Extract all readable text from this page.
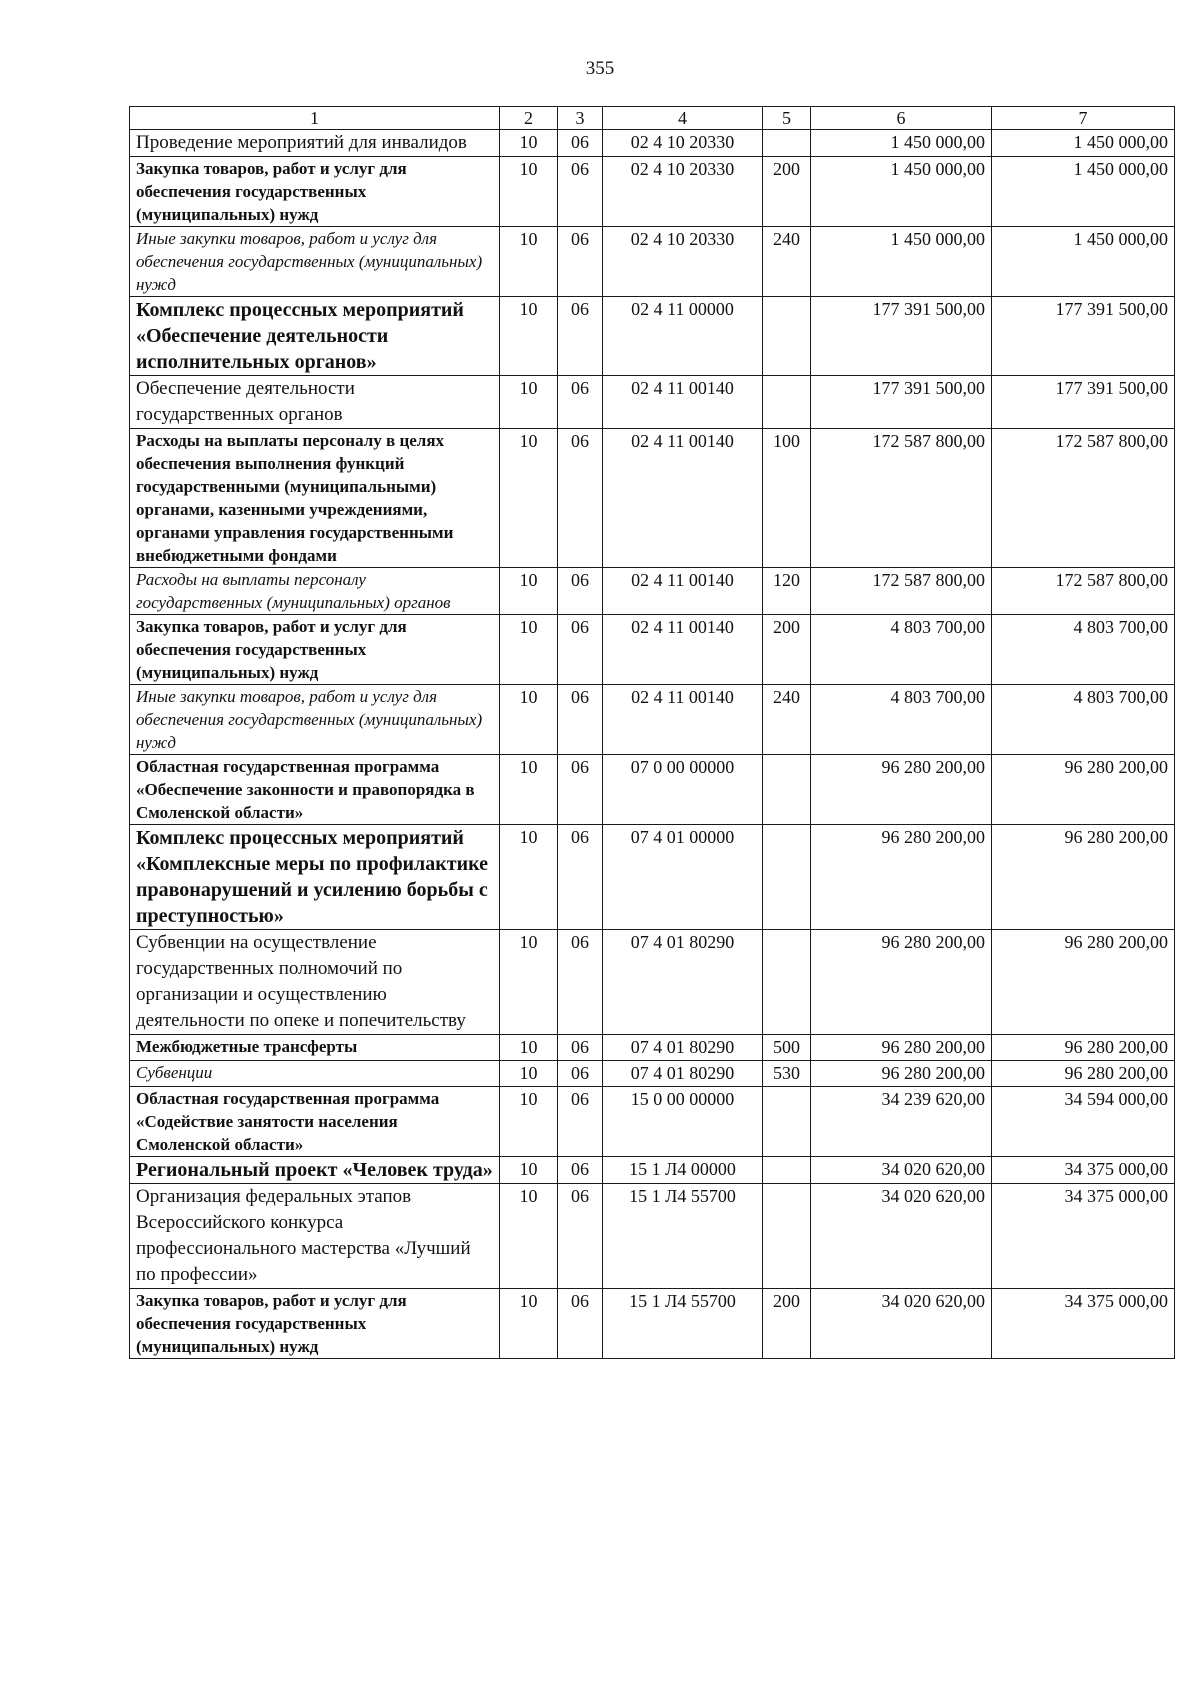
355
1	2	3	4	5	6	7
Проведение мероприятий для инвалидов	10	06	02 4 10 20330		1 450 000,00	1 450 000,00
Закупка товаров, работ и услуг для обеспечения государственных (муниципальных) нужд	10	06	02 4 10 20330	200	1 450 000,00	1 450 000,00
Иные закупки товаров, работ и услуг для обеспечения государственных (муниципальных) нужд	10	06	02 4 10 20330	240	1 450 000,00	1 450 000,00
Комплекс процессных мероприятий «Обеспечение деятельности исполнительных органов»	10	06	02 4 11 00000		177 391 500,00	177 391 500,00
Обеспечение деятельности государственных органов	10	06	02 4 11 00140		177 391 500,00	177 391 500,00
Расходы на выплаты персоналу в целях обеспечения выполнения функций государственными (муниципальными) органами, казенными учреждениями, органами управления государственными внебюджетными фондами	10	06	02 4 11 00140	100	172 587 800,00	172 587 800,00
Расходы на выплаты персоналу государственных (муниципальных) органов	10	06	02 4 11 00140	120	172 587 800,00	172 587 800,00
Закупка товаров, работ и услуг для обеспечения государственных (муниципальных) нужд	10	06	02 4 11 00140	200	4 803 700,00	4 803 700,00
Иные закупки товаров, работ и услуг для обеспечения государственных (муниципальных) нужд	10	06	02 4 11 00140	240	4 803 700,00	4 803 700,00
Областная государственная программа «Обеспечение законности и правопорядка в Смоленской области»	10	06	07 0 00 00000		96 280 200,00	96 280 200,00
Комплекс процессных мероприятий «Комплексные меры по профилактике правонарушений и усилению борьбы с преступностью»	10	06	07 4 01 00000		96 280 200,00	96 280 200,00
Субвенции на осуществление государственных полномочий по организации и осуществлению деятельности по опеке и попечительству	10	06	07 4 01 80290		96 280 200,00	96 280 200,00
Межбюджетные трансферты	10	06	07 4 01 80290	500	96 280 200,00	96 280 200,00
Субвенции	10	06	07 4 01 80290	530	96 280 200,00	96 280 200,00
Областная государственная программа «Содействие занятости населения Смоленской области»	10	06	15 0 00 00000		34 239 620,00	34 594 000,00
Региональный проект «Человек труда»	10	06	15 1 Л4 00000		34 020 620,00	34 375 000,00
Организация федеральных этапов Всероссийского конкурса профессионального мастерства «Лучший по профессии»	10	06	15 1 Л4 55700		34 020 620,00	34 375 000,00
Закупка товаров, работ и услуг для обеспечения государственных (муниципальных) нужд	10	06	15 1 Л4 55700	200	34 020 620,00	34 375 000,00
